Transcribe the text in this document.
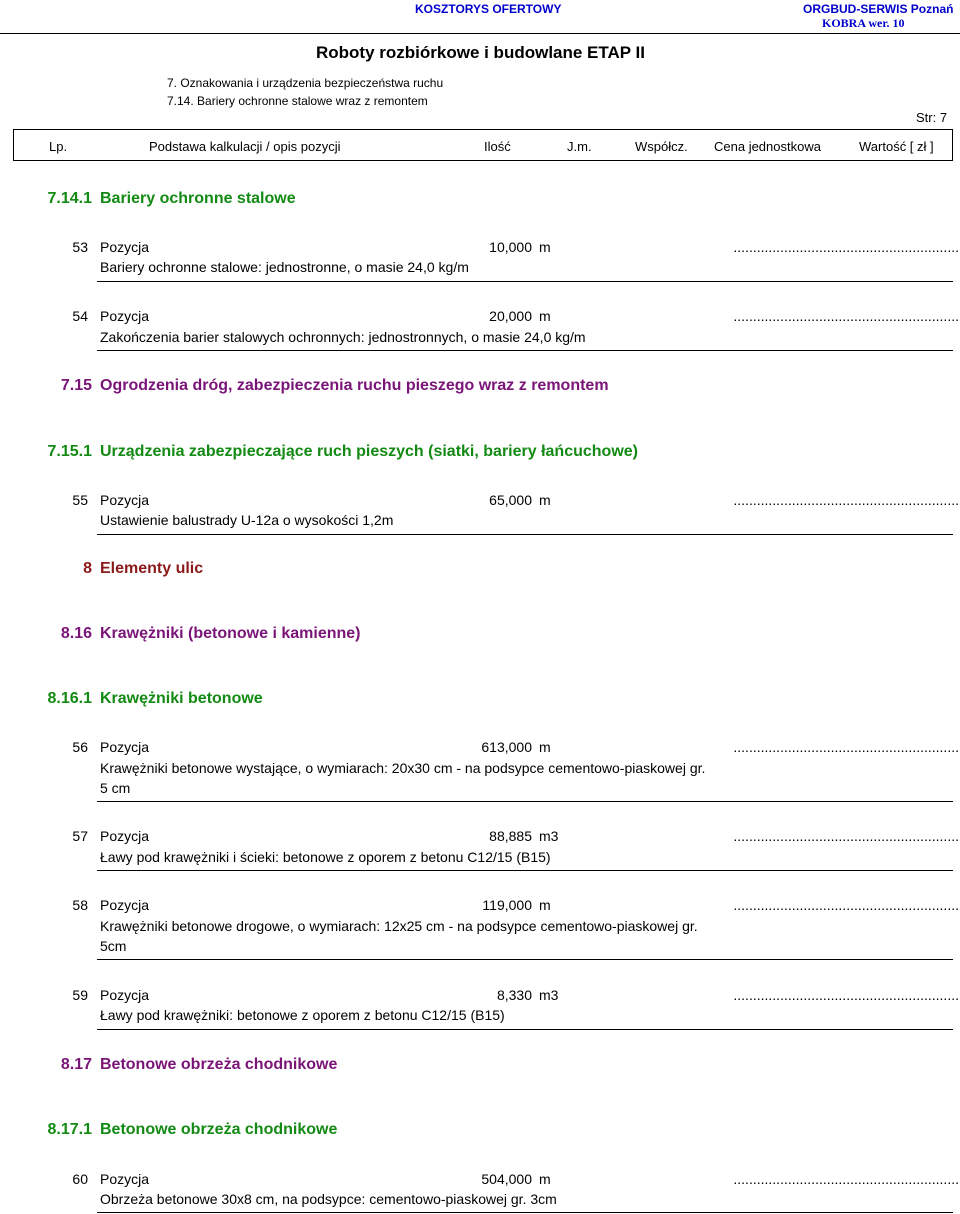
KOSZTORYS OFERTOWY	ORGBUD-SERWIS Poznań
KOBRA wer. 10
Roboty rozbiórkowe i budowlane ETAP II
7. Oznakowania i urządzenia bezpieczeństwa ruchu
7.14. Bariery ochronne stalowe wraz z remontem
Str: 7
Lp.	Podstawa kalkulacji / opis pozycji	Ilość	J.m.	Współcz. Cena jednostkowa	Wartość [ zł ]
7.14.1 Bariery ochronne stalowe
53 Pozycja	10,000 m	..........................................................
Bariery ochronne stalowe: jednostronne, o masie 24,0 kg/m
54 Pozycja	20,000 m	..........................................................
Zakończenia barier stalowych ochronnych: jednostronnych, o masie 24,0 kg/m
7.15 Ogrodzenia dróg, zabezpieczenia ruchu pieszego wraz z remontem
7.15.1 Urządzenia zabezpieczające ruch pieszych (siatki, bariery łańcuchowe)
55 Pozycja	65,000 m	..........................................................
Ustawienie balustrady U-12a o wysokości 1,2m
8 Elementy ulic
8.16 Krawężniki (betonowe i kamienne)
8.16.1 Krawężniki betonowe
56 Pozycja	613,000 m	..........................................................
Krawężniki betonowe wystające, o wymiarach: 20x30 cm - na podsypce cementowo-piaskowej gr.
5 cm
57 Pozycja	88,885 m3	..........................................................
Ławy pod krawężniki i ścieki: betonowe z oporem z betonu C12/15 (B15)
58 Pozycja	119,000 m	..........................................................
Krawężniki betonowe drogowe, o wymiarach: 12x25 cm - na podsypce cementowo-piaskowej gr.
5cm
59 Pozycja	8,330 m3	..........................................................
Ławy pod krawężniki: betonowe z oporem z betonu C12/15 (B15)
8.17 Betonowe obrzeża chodnikowe
8.17.1 Betonowe obrzeża chodnikowe
60 Pozycja	504,000 m	..........................................................
Obrzeża betonowe 30x8 cm, na podsypce: cementowo-piaskowej gr. 3cm
